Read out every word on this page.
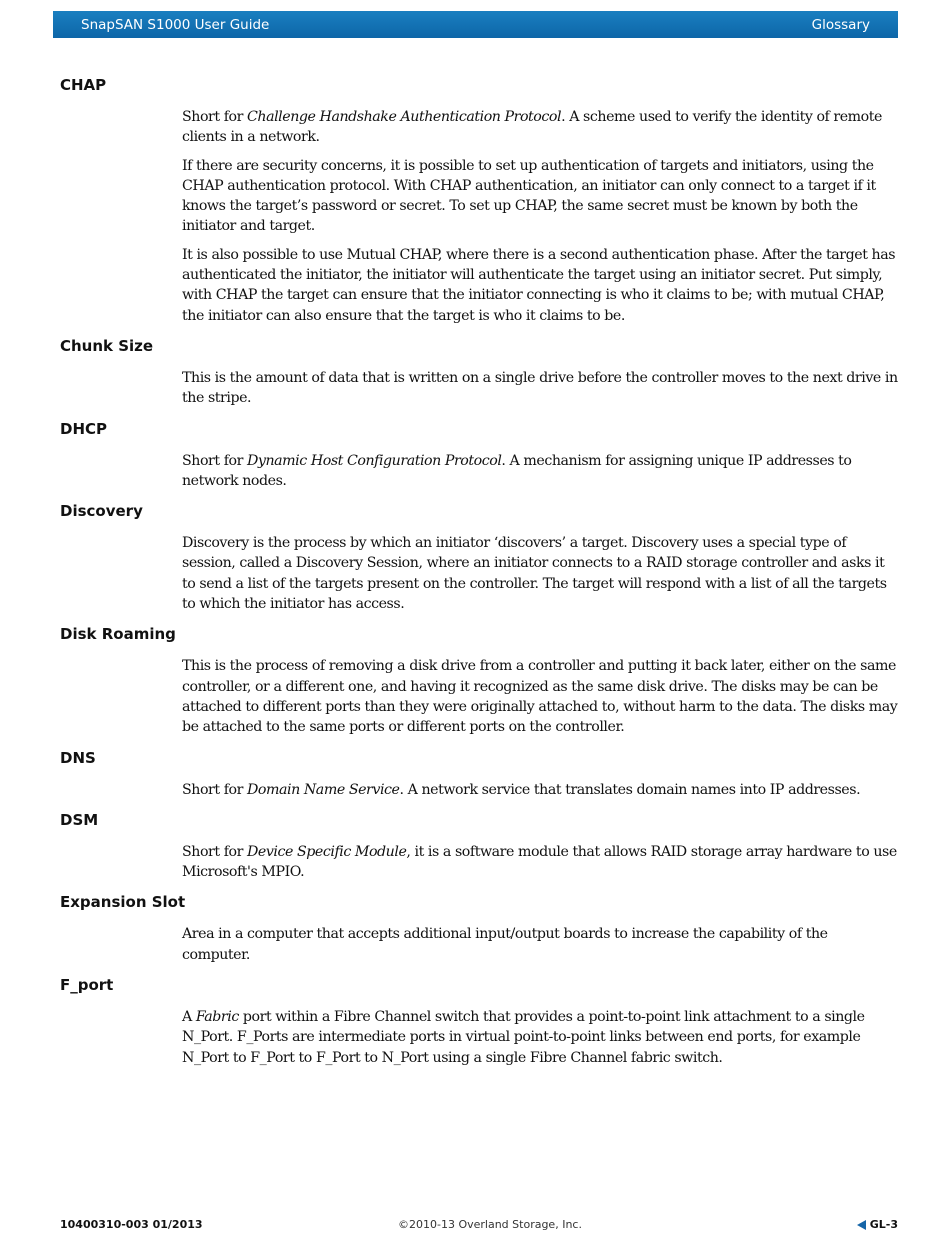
SnapSAN S1000 User Guide	Glossary
CHAP

Short for Challenge Handshake Authentication Protocol. A scheme used to verify the identity of remote clients in a network.

If there are security concerns, it is possible to set up authentication of targets and initiators, using the CHAP authentication protocol. With CHAP authentication, an initiator can only connect to a target if it knows the target’s password or secret. To set up CHAP, the same secret must be known by both the initiator and target.

It is also possible to use Mutual CHAP, where there is a second authentication phase. After the target has authenticated the initiator, the initiator will authenticate the target using an initiator secret. Put simply, with CHAP the target can ensure that the initiator connecting is who it claims to be; with mutual CHAP, the initiator can also ensure that the target is who it claims to be.

Chunk Size

This is the amount of data that is written on a single drive before the controller moves to the next drive in the stripe.

DHCP

Short for Dynamic Host Configuration Protocol. A mechanism for assigning unique IP addresses to network nodes.

Discovery

Discovery is the process by which an initiator ‘discovers’ a target. Discovery uses a special type of session, called a Discovery Session, where an initiator connects to a RAID storage controller and asks it to send a list of the targets present on the controller. The target will respond with a list of all the targets to which the initiator has access.

Disk Roaming

This is the process of removing a disk drive from a controller and putting it back later, either on the same controller, or a different one, and having it recognized as the same disk drive. The disks may be can be attached to different ports than they were originally attached to, without harm to the data. The disks may be attached to the same ports or different ports on the controller.

DNS

Short for Domain Name Service. A network service that translates domain names into IP addresses.

DSM

Short for Device Specific Module, it is a software module that allows RAID storage array hardware to use Microsoft's MPIO.

Expansion Slot

Area in a computer that accepts additional input/output boards to increase the capability of the computer.

F_port

A Fabric port within a Fibre Channel switch that provides a point-to-point link attachment to a single N_Port. F_Ports are intermediate ports in virtual point-to-point links between end ports, for example N_Port to F_Port to F_Port to N_Port using a single Fibre Channel fabric switch.

10400310-003 01/2013	©2010-13 Overland Storage, Inc.	GL-3
